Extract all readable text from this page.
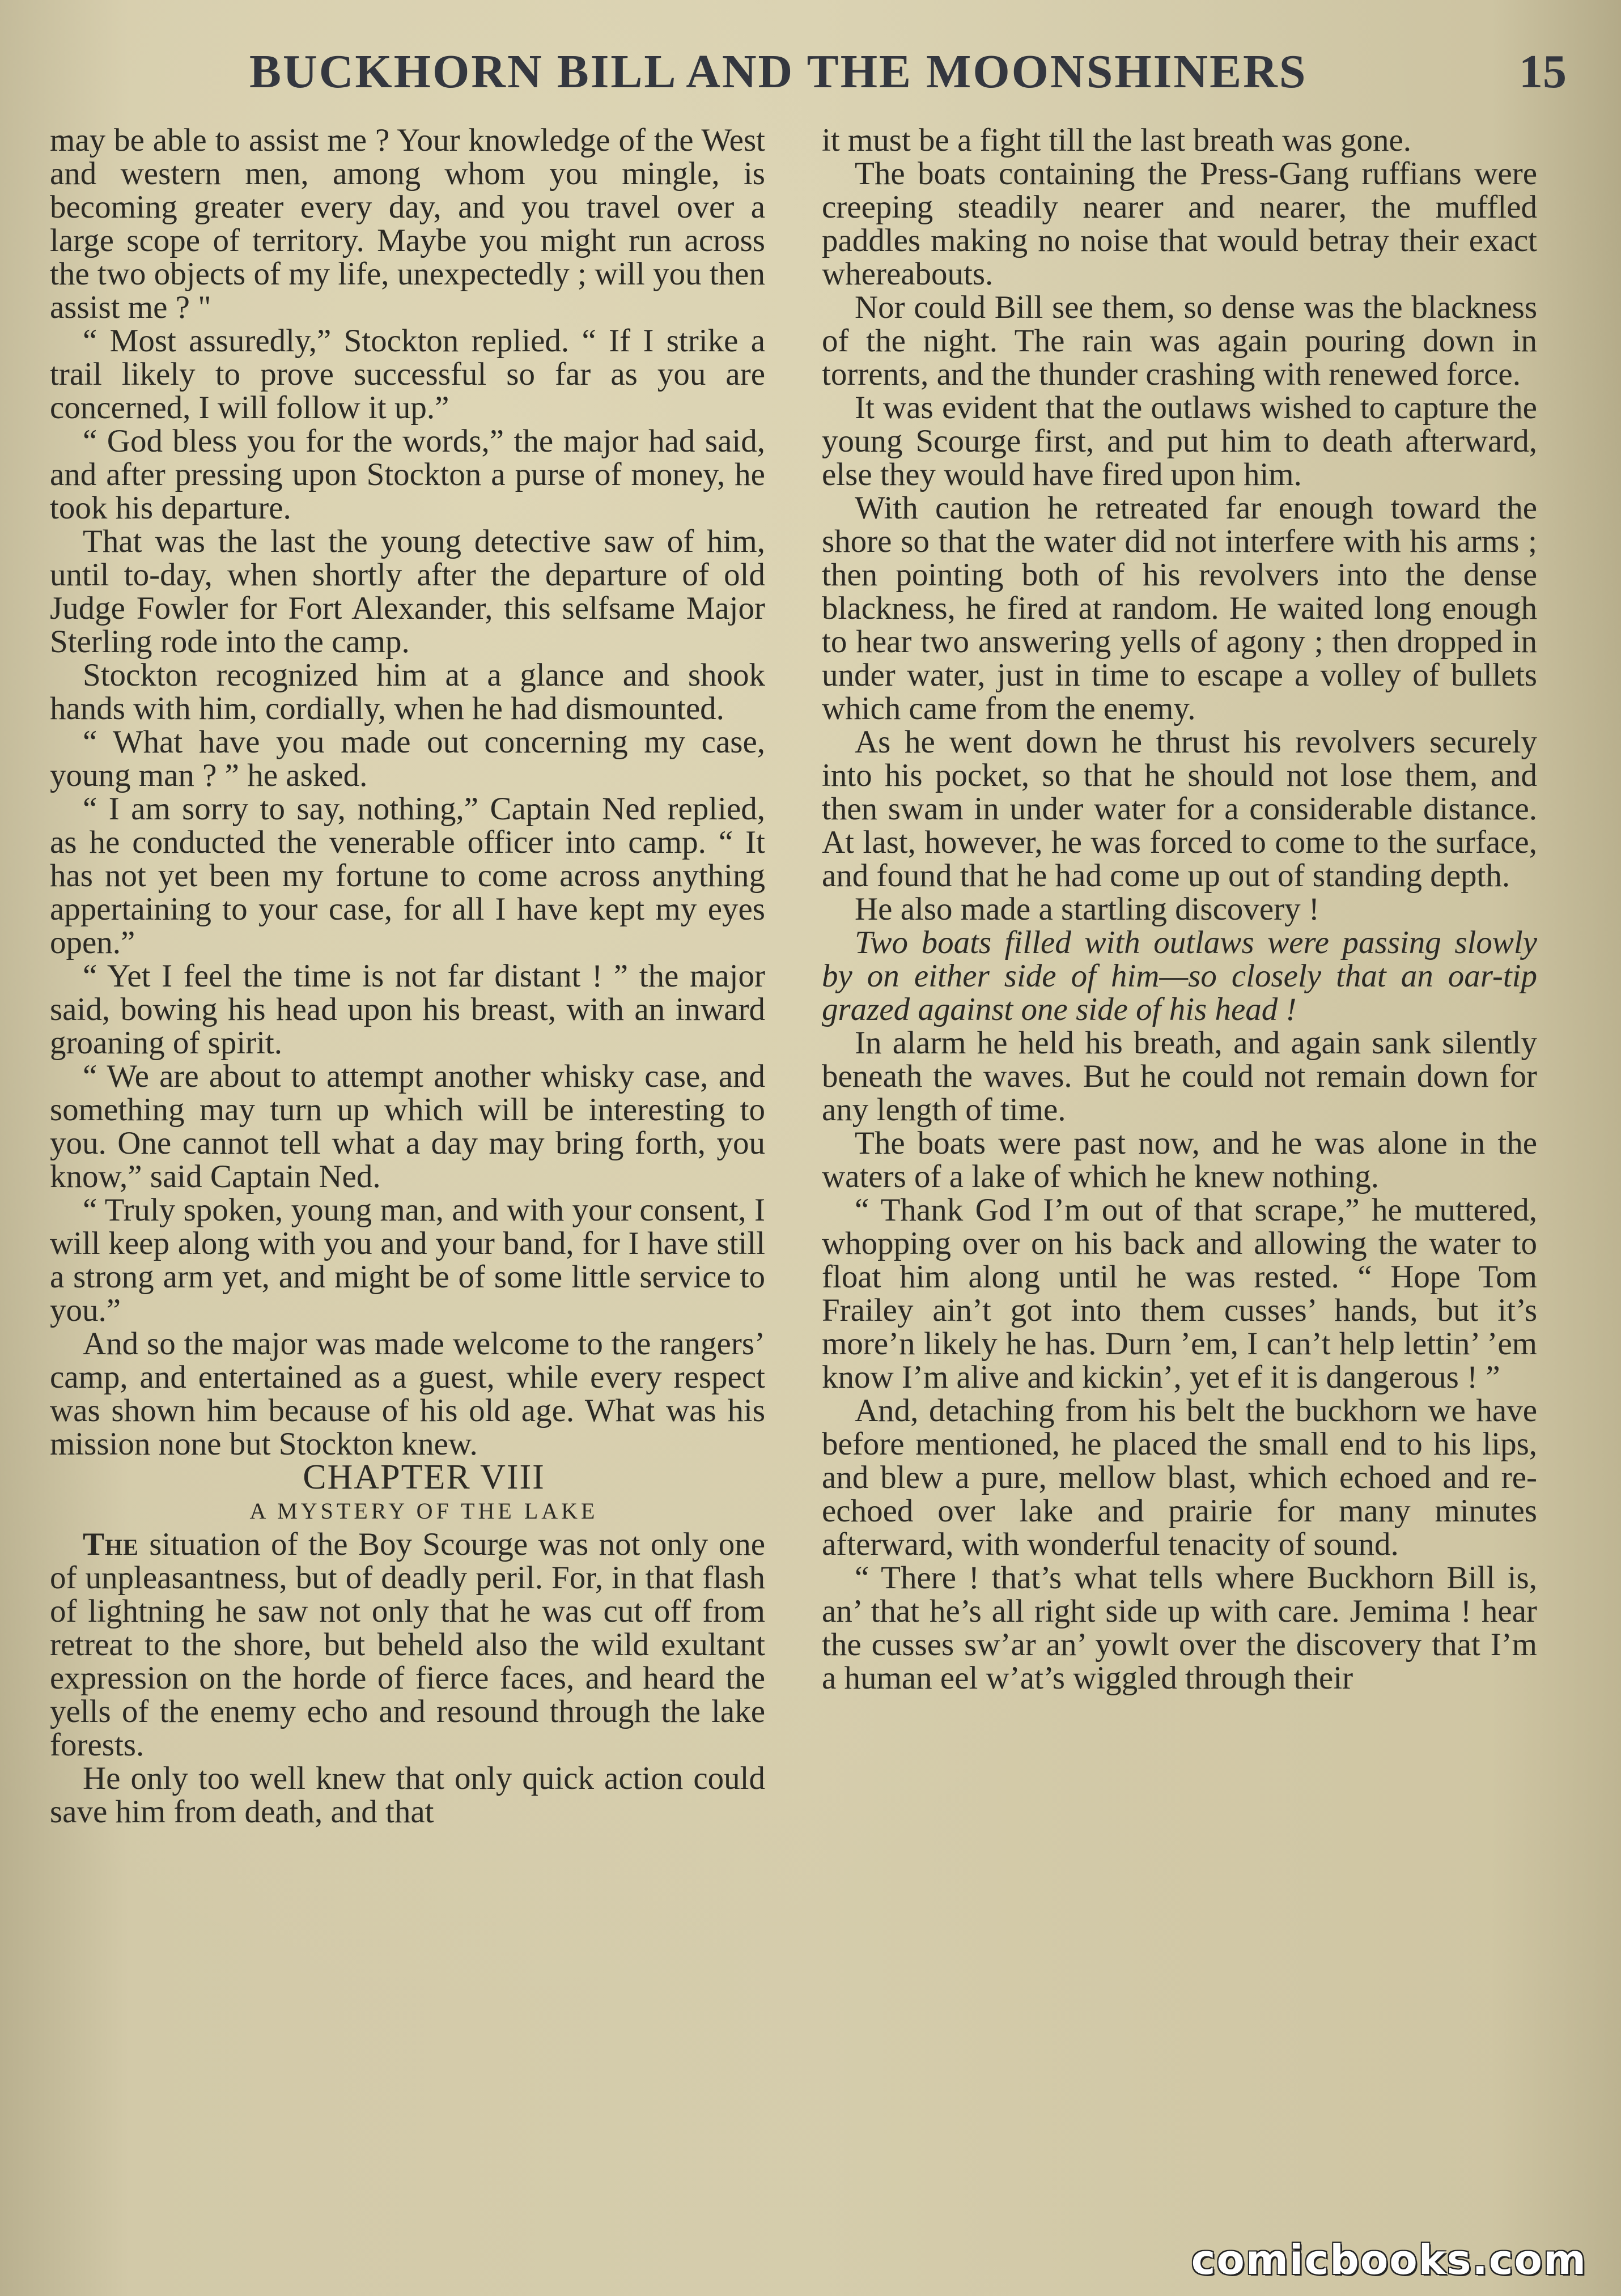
BUCKHORN BILL AND THE MOONSHINERS	15

may be able to assist me ? Your knowledge of the West and western men, among whom you mingle, is becoming greater every day, and you travel over a large scope of territory. Maybe you might run across the two objects of my life, unexpectedly ; will you then assist me ? "

“ Most assuredly,” Stockton replied. “ If I strike a trail likely to prove successful so far as you are concerned, I will follow it up.”

“ God bless you for the words,” the major had said, and after pressing upon Stockton a purse of money, he took his departure.

That was the last the young detective saw of him, until to-day, when shortly after the departure of old Judge Fowler for Fort Alexander, this selfsame Major Sterling rode into the camp.

Stockton recognized him at a glance and shook hands with him, cordially, when he had dismounted.

“ What have you made out concerning my case, young man ? ” he asked.

“ I am sorry to say, nothing,” Captain Ned replied, as he conducted the venerable officer into camp. “ It has not yet been my fortune to come across anything appertaining to your case, for all I have kept my eyes open.”

“ Yet I feel the time is not far distant ! ” the major said, bowing his head upon his breast, with an inward groaning of spirit.

“ We are about to attempt another whisky case, and something may turn up which will be interesting to you. One cannot tell what a day may bring forth, you know,” said Captain Ned.

“ Truly spoken, young man, and with your consent, I will keep along with you and your band, for I have still a strong arm yet, and might be of some little service to you.”

And so the major was made welcome to the rangers’ camp, and entertained as a guest, while every respect was shown him because of his old age. What was his mission none but Stockton knew.

CHAPTER VIII

A MYSTERY OF THE LAKE

The situation of the Boy Scourge was not only one of unpleasantness, but of deadly peril. For, in that flash of lightning he saw not only that he was cut off from retreat to the shore, but beheld also the wild exultant expression on the horde of fierce faces, and heard the yells of the enemy echo and resound through the lake forests.

He only too well knew that only quick action could save him from death, and that

it must be a fight till the last breath was gone.

The boats containing the Press-Gang ruffians were creeping steadily nearer and nearer, the muffled paddles making no noise that would betray their exact whereabouts.

Nor could Bill see them, so dense was the blackness of the night. The rain was again pouring down in torrents, and the thunder crashing with renewed force.

It was evident that the outlaws wished to capture the young Scourge first, and put him to death afterward, else they would have fired upon him.

With caution he retreated far enough toward the shore so that the water did not interfere with his arms ; then pointing both of his revolvers into the dense blackness, he fired at random. He waited long enough to hear two answering yells of agony ; then dropped in under water, just in time to escape a volley of bullets which came from the enemy.

As he went down he thrust his revolvers securely into his pocket, so that he should not lose them, and then swam in under water for a considerable distance. At last, however, he was forced to come to the surface, and found that he had come up out of standing depth.

He also made a startling discovery !

Two boats filled with outlaws were passing slowly by on either side of him—so closely that an oar-tip grazed against one side of his head !

In alarm he held his breath, and again sank silently beneath the waves. But he could not remain down for any length of time.

The boats were past now, and he was alone in the waters of a lake of which he knew nothing.

“ Thank God I’m out of that scrape,” he muttered, whopping over on his back and allowing the water to float him along until he was rested. “ Hope Tom Frailey ain’t got into them cusses’ hands, but it’s more’n likely he has. Durn ’em, I can’t help lettin’ ’em know I’m alive and kickin’, yet ef it is dangerous ! ”

And, detaching from his belt the buckhorn we have before mentioned, he placed the small end to his lips, and blew a pure, mellow blast, which echoed and re-echoed over lake and prairie for many minutes afterward, with wonderful tenacity of sound.

“ There ! that’s what tells where Buckhorn Bill is, an’ that he’s all right side up with care. Jemima ! hear the cusses sw’ar an’ yowlt over the discovery that I’m a human eel w’at’s wiggled through their

comicbooks.com
